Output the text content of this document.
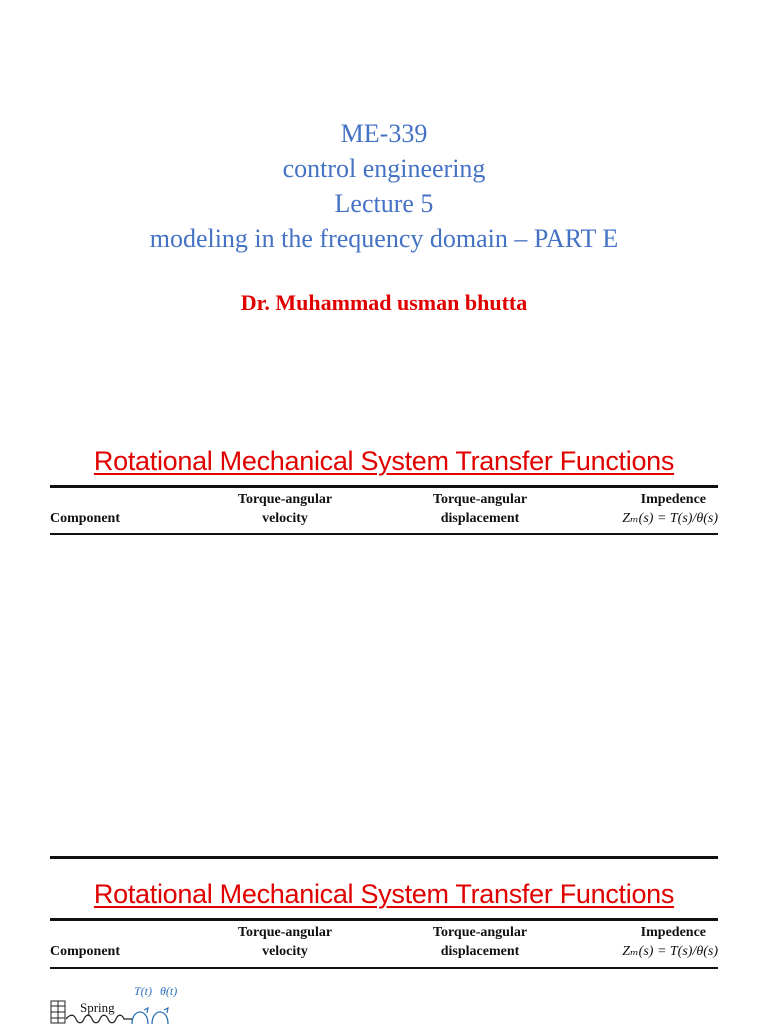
ME-339
control engineering
Lecture 5
modeling in the frequency domain – PART E
Dr. Muhammad usman bhutta
Rotational Mechanical System Transfer Functions
Component
Torque-angular
velocity
Torque-angular
displacement
Impedence
Zₘ(s) = T(s)/θ(s)
Rotational Mechanical System Transfer Functions
Component
Torque-angular
velocity
Torque-angular
displacement
Impedence
Zₘ(s) = T(s)/θ(s)
Spring
T(t) θ(t)
